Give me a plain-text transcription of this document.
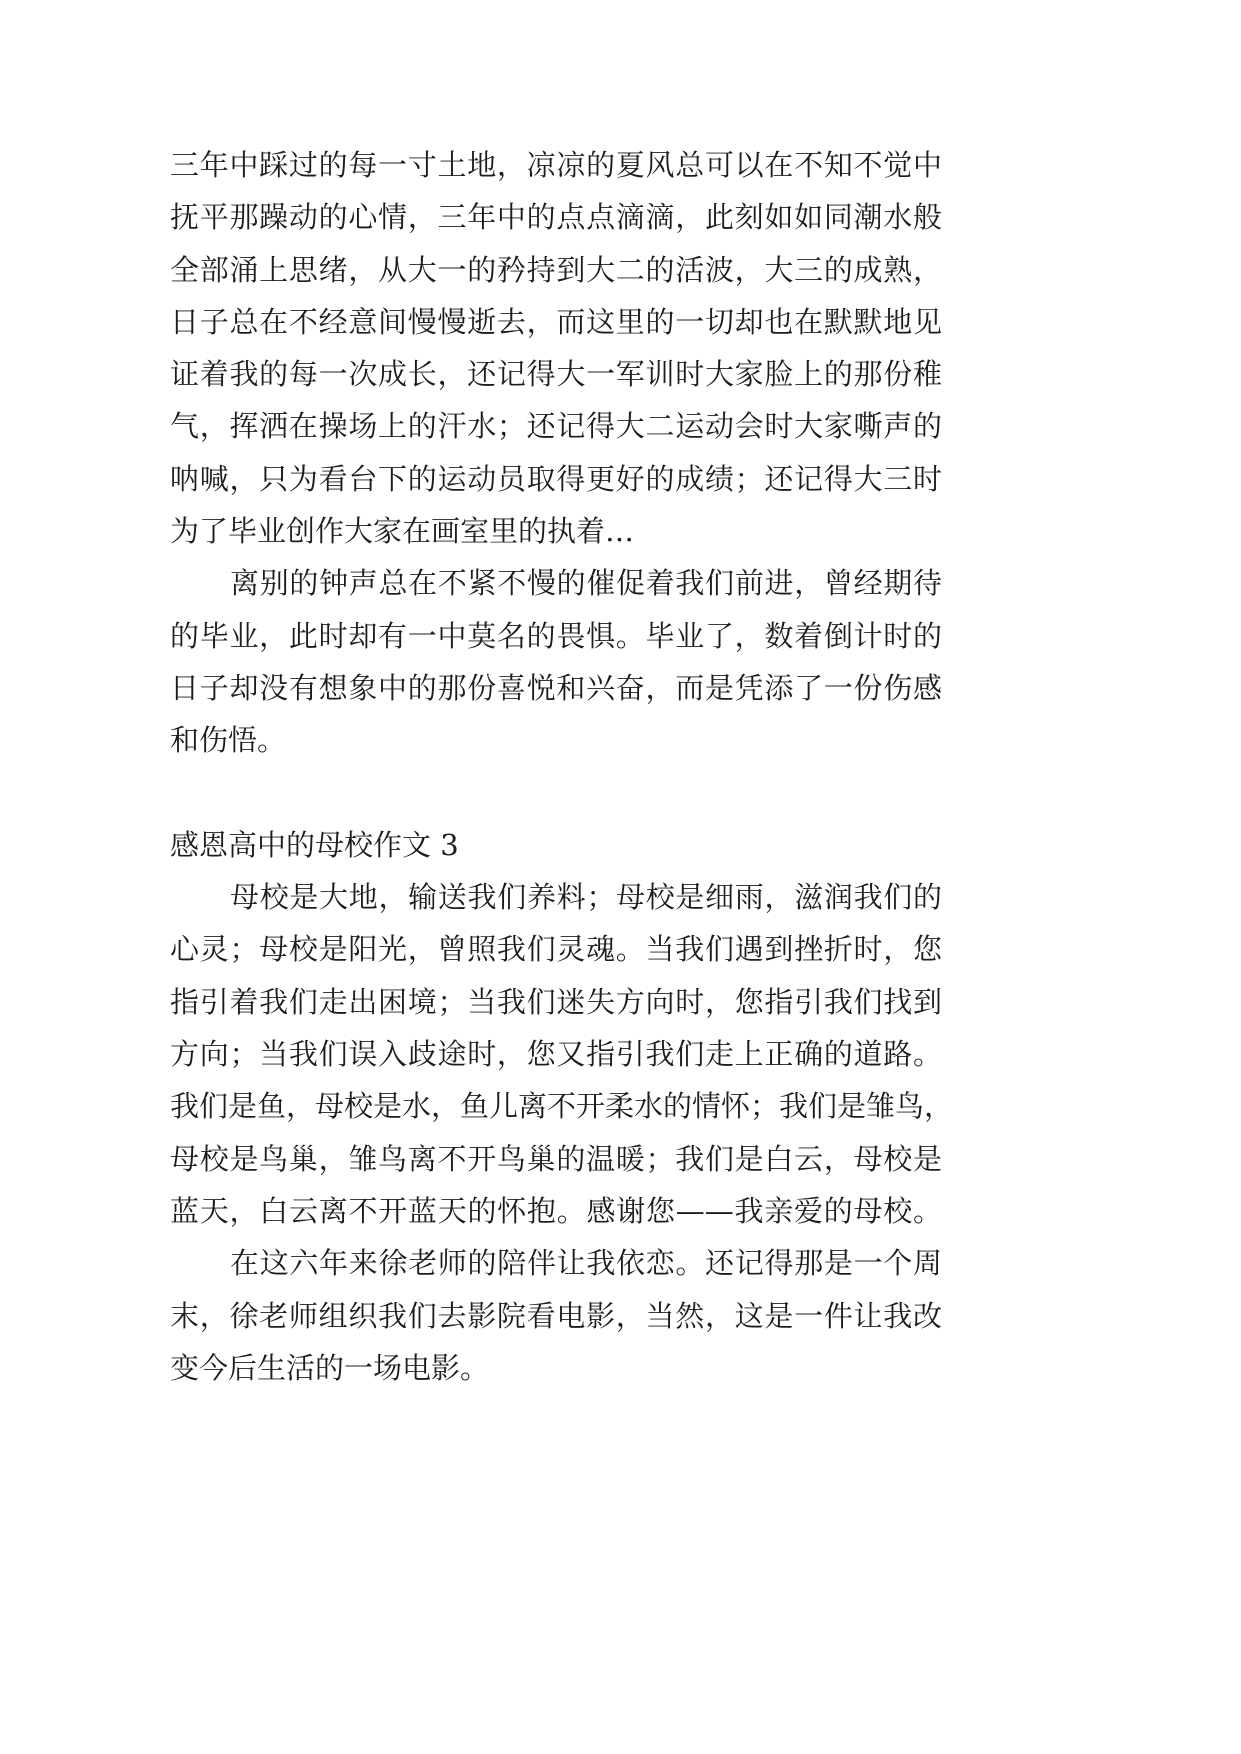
三年中踩过的每一寸土地，凉凉的夏风总可以在不知不觉中
抚平那躁动的心情，三年中的点点滴滴，此刻如如同潮水般
全部涌上思绪，从大一的矜持到大二的活波，大三的成熟，
日子总在不经意间慢慢逝去，而这里的一切却也在默默地见
证着我的每一次成长，还记得大一军训时大家脸上的那份稚
气，挥洒在操场上的汗水；还记得大二运动会时大家嘶声的
呐喊，只为看台下的运动员取得更好的成绩；还记得大三时
为了毕业创作大家在画室里的执着…
离别的钟声总在不紧不慢的催促着我们前进，曾经期待
的毕业，此时却有一中莫名的畏惧。毕业了，数着倒计时的
日子却没有想象中的那份喜悦和兴奋，而是凭添了一份伤感
和伤悟。
感恩高中的母校作文 3
母校是大地，输送我们养料；母校是细雨，滋润我们的
心灵；母校是阳光，曾照我们灵魂。当我们遇到挫折时，您
指引着我们走出困境；当我们迷失方向时，您指引我们找到
方向；当我们误入歧途时，您又指引我们走上正确的道路。
我们是鱼，母校是水，鱼儿离不开柔水的情怀；我们是雏鸟，
母校是鸟巢，雏鸟离不开鸟巢的温暖；我们是白云，母校是
蓝天，白云离不开蓝天的怀抱。感谢您——我亲爱的母校。
在这六年来徐老师的陪伴让我依恋。还记得那是一个周
末，徐老师组织我们去影院看电影，当然，这是一件让我改
变今后生活的一场电影。
